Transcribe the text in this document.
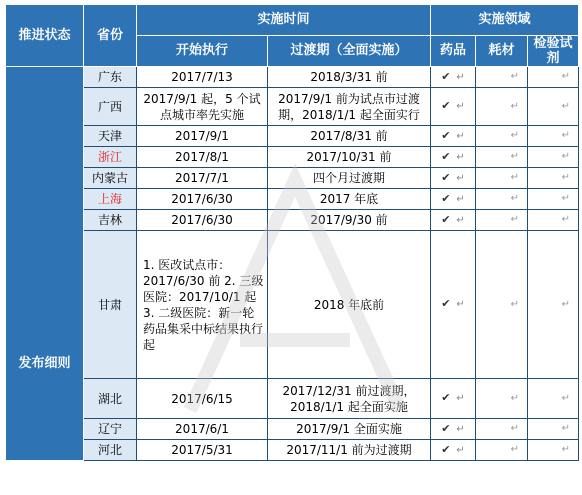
推进状态	省份	实施时间		实施领域		
		开始执行	过渡期（全面实施）	药品	耗材	检验试剂
发布细则	广东	2017/7/13	2018/3/31 前	✔ ↵	↵	↵
	广西	2017/9/1 起，5 个试点城市率先实施	2017/9/1 前为试点市过渡期，2018/1/1 起全面实行	✔ ↵	↵	↵
	天津	2017/9/1	2017/8/31 前	✔ ↵	↵	↵
	浙江	2017/8/1	2017/10/31 前	✔ ↵	↵	↵
	内蒙古	2017/7/1	四个月过渡期	✔ ↵	↵	↵
	上海	2017/6/30	2017 年底	✔ ↵	↵	↵
	吉林	2017/6/30	2017/9/30 前	✔ ↵	↵	↵
	甘肃	1. 医改试点市：2017/6/30 前 2. 三级医院：2017/10/1 起 3. 二级医院：新一轮药品集采中标结果执行起	2018 年底前	✔ ↵	↵	↵
	湖北	2017/6/15	2017/12/31 前过渡期，2018/1/1 起全面实施	✔ ↵	↵	↵
	辽宁	2017/6/1	2017/9/1 全面实施	✔ ↵	↵	↵
	河北	2017/5/31	2017/11/1 前为过渡期	✔ ↵	↵	↵
